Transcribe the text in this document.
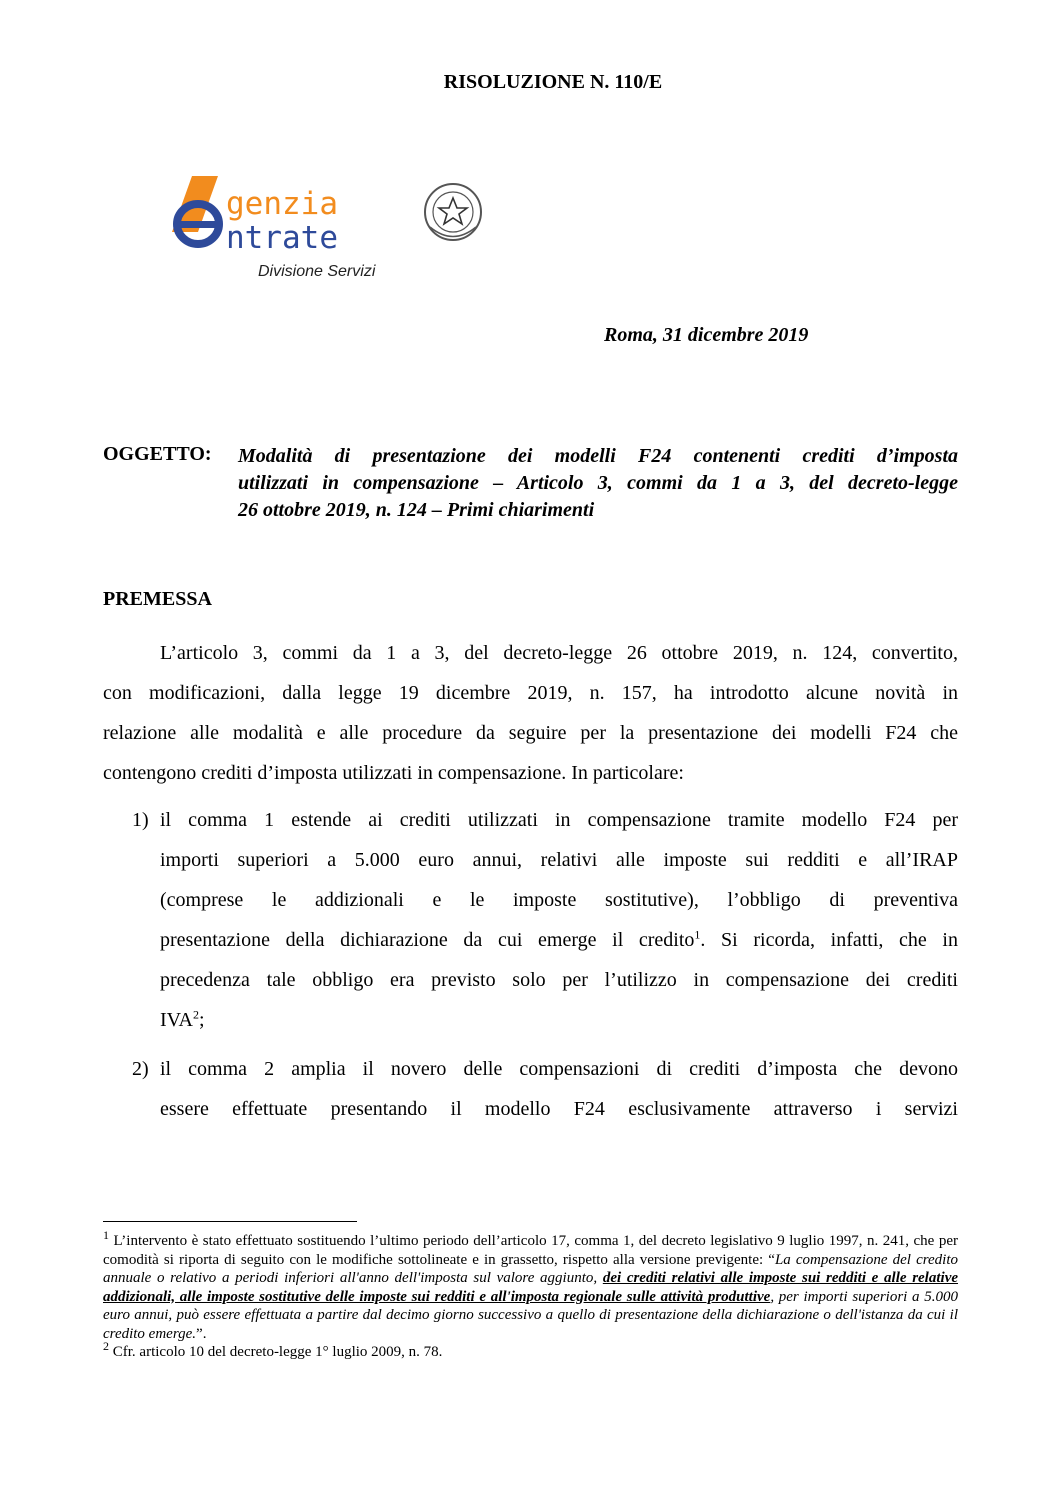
RISOLUZIONE N. 110/E
genzia
ntrate
Divisione Servizi
Roma, 31 dicembre 2019
OGGETTO: Modalità di presentazione dei modelli F24 contenenti crediti d’imposta
utilizzati in compensazione – Articolo 3, commi da 1 a 3, del decreto-legge
26 ottobre 2019, n. 124 – Primi chiarimenti
PREMESSA
L’articolo 3, commi da 1 a 3, del decreto-legge 26 ottobre 2019, n. 124, convertito,
con modificazioni, dalla legge 19 dicembre 2019, n. 157, ha introdotto alcune novità in
relazione alle modalità e alle procedure da seguire per la presentazione dei modelli F24 che
contengono crediti d’imposta utilizzati in compensazione. In particolare:
1) il comma 1 estende ai crediti utilizzati in compensazione tramite modello F24 per
importi superiori a 5.000 euro annui, relativi alle imposte sui redditi e all’IRAP
(comprese le addizionali e le imposte sostitutive), l’obbligo di preventiva
presentazione della dichiarazione da cui emerge il credito$^1$. Si ricorda, infatti, che in
precedenza tale obbligo era previsto solo per l’utilizzo in compensazione dei crediti
IVA$^2$;
2) il comma 2 amplia il novero delle compensazioni di crediti d’imposta che devono
essere effettuate presentando il modello F24 esclusivamente attraverso i servizi

$^1$ L’intervento è stato effettuato sostituendo l’ultimo periodo dell’articolo 17, comma 1, del decreto legislativo 9 luglio 1997, n. 241, che per comodità si riporta di seguito con le modifiche sottolineate e in grassetto, rispetto alla versione previgente: “La compensazione del credito annuale o relativo a periodi inferiori all'anno dell'imposta sul valore aggiunto, dei crediti relativi alle imposte sui redditi e alle relative addizionali, alle imposte sostitutive delle imposte sui redditi e all'imposta regionale sulle attività produttive, per importi superiori a 5.000 euro annui, può essere effettuata a partire dal decimo giorno successivo a quello di presentazione della dichiarazione o dell'istanza da cui il credito emerge.”.

$^2$ Cfr. articolo 10 del decreto-legge 1° luglio 2009, n. 78.
